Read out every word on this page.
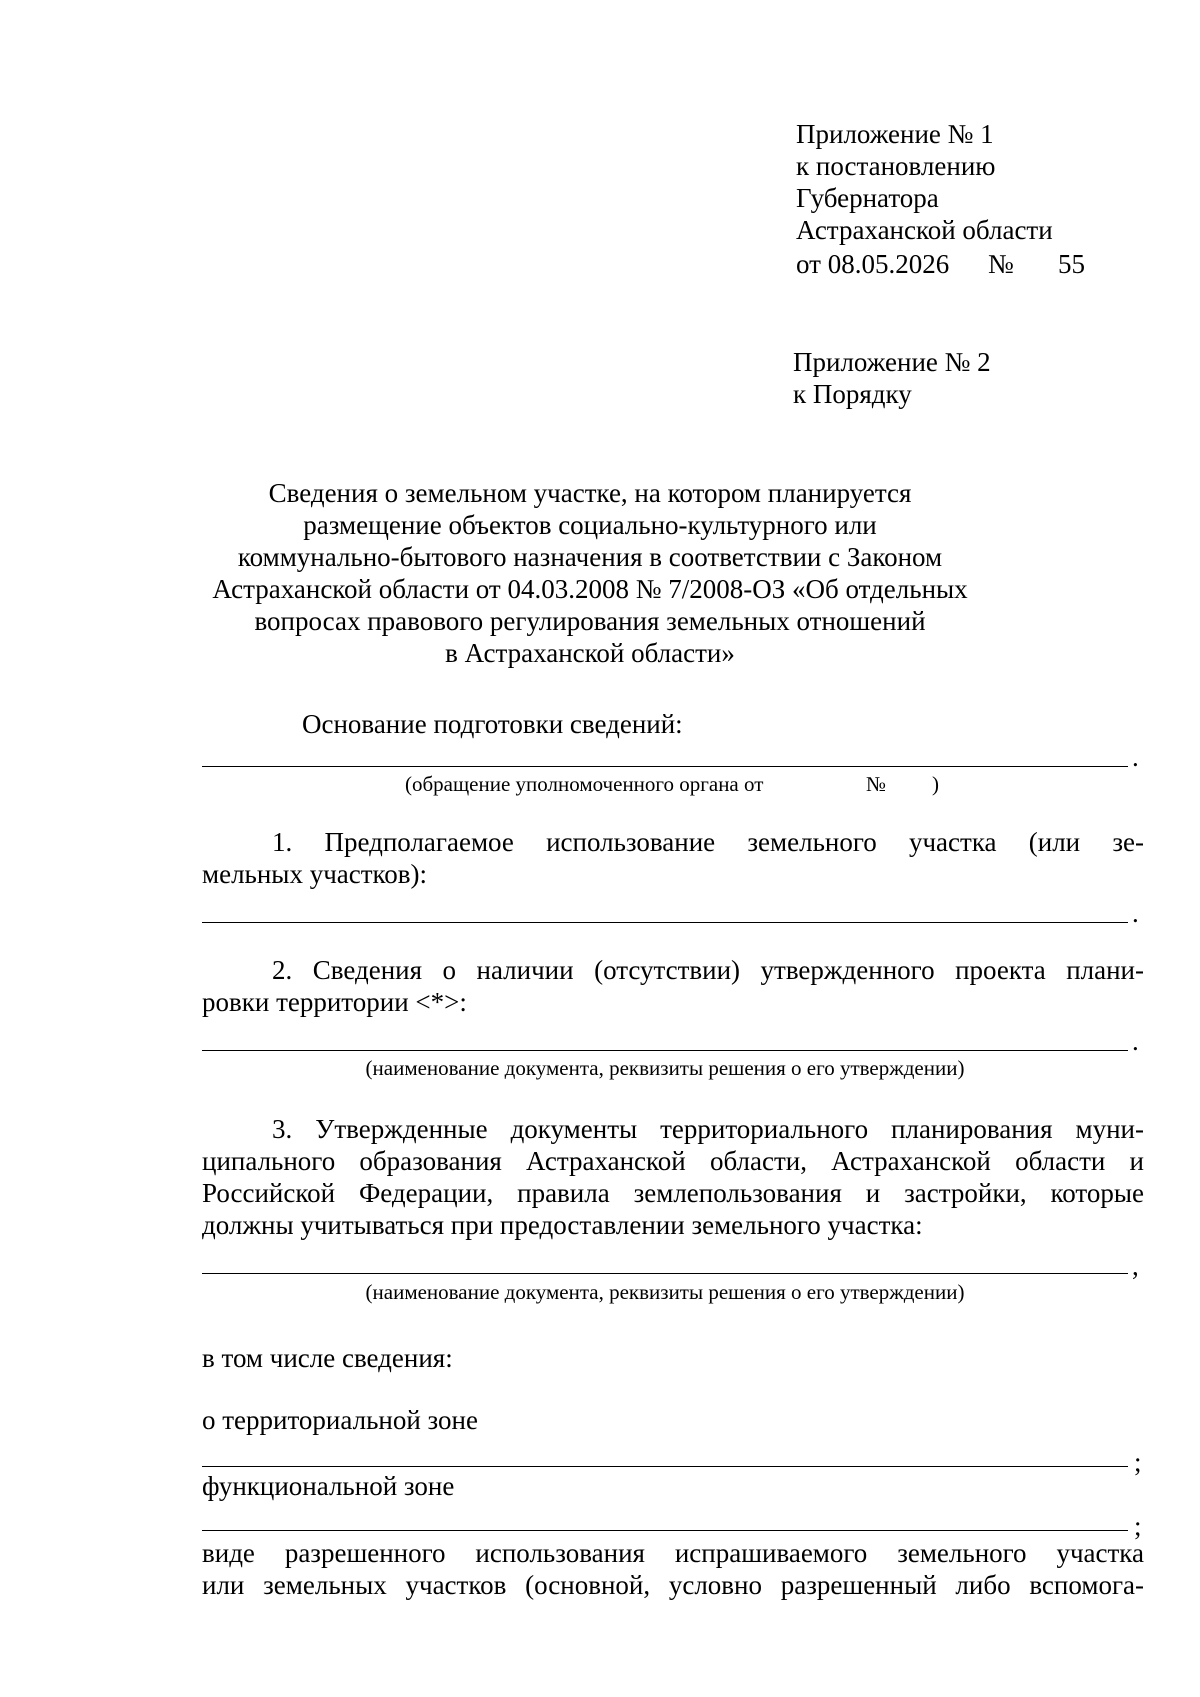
Приложение № 1
к постановлению
Губернатора
Астраханской области
от 08.05.2026 № 55
Приложение № 2
к Порядку
Сведения о земельном участке, на котором планируется
размещение объектов социально-культурного или
коммунально-бытового назначения в соответствии с Законом
Астраханской области от 04.03.2008 № 7/2008-ОЗ «Об отдельных
вопросах правового регулирования земельных отношений
в Астраханской области»
Основание подготовки сведений:
.
(обращение уполномоченного органа от	№ )
1. Предполагаемое использование земельного участка (или зе-
мельных участков):
.
2. Сведения о наличии (отсутствии) утвержденного проекта плани-
ровки территории <*>:
.
(наименование документа, реквизиты решения о его утверждении)
3. Утвержденные документы территориального планирования муни-
ципального образования Астраханской области, Астраханской области и
Российской Федерации, правила землепользования и застройки, которые
должны учитываться при предоставлении земельного участка:
,
(наименование документа, реквизиты решения о его утверждении)
в том числе сведения:
о территориальной зоне
;
функциональной зоне
;
виде разрешенного использования испрашиваемого земельного участка
или земельных участков (основной, условно разрешенный либо вспомога-
